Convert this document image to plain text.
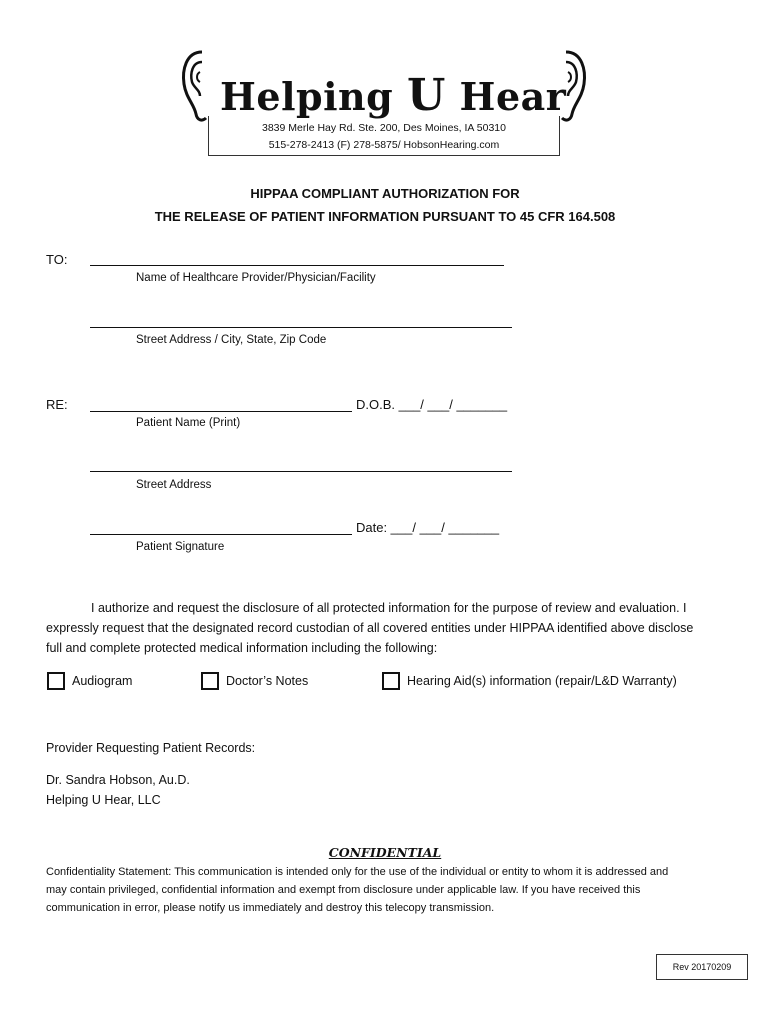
Helping U Hear
3839 Merle Hay Rd. Ste. 200, Des Moines, IA 50310
515-278-2413 (F) 278-5875/ HobsonHearing.com
HIPPAA COMPLIANT AUTHORIZATION FOR
THE RELEASE OF PATIENT INFORMATION PURSUANT TO 45 CFR 164.508
TO:
Name of Healthcare Provider/Physician/Facility
Street Address / City, State, Zip Code
RE:	D.O.B. ___/ ___/ _______
Patient Name (Print)
Street Address
Date: ___/ ___/ _______
Patient Signature
I authorize and request the disclosure of all protected information for the purpose of review and evaluation. I
expressly request that the designated record custodian of all covered entities under HIPPAA identified above disclose
full and complete protected medical information including the following:
Audiogram	Doctor’s Notes	Hearing Aid(s) information (repair/L&D Warranty)
Provider Requesting Patient Records:
Dr. Sandra Hobson, Au.D.
Helping U Hear, LLC
CONFIDENTIAL
Confidentiality Statement: This communication is intended only for the use of the individual or entity to whom it is addressed and
may contain privileged, confidential information and exempt from disclosure under applicable law. If you have received this
communication in error, please notify us immediately and destroy this telecopy transmission.
Rev 20170209
